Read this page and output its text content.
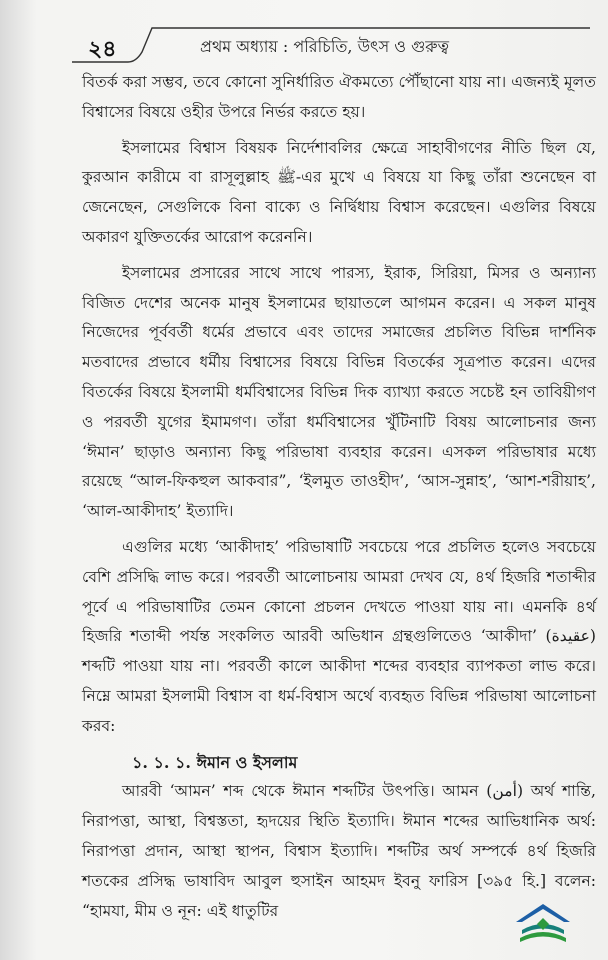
২৪	প্রথম অধ্যায় : পরিচিতি, উৎস ও গুরুত্ব

বিতর্ক করা সম্ভব, তবে কোনো সুনির্ধারিত ঐকমত্যে পৌঁছানো যায় না। এজন্যই মূলত বিশ্বাসের বিষয়ে ওহীর উপরে নির্ভর করতে হয়।

ইসলামের বিশ্বাস বিষয়ক নির্দেশাবলির ক্ষেত্রে সাহাবীগণের নীতি ছিল যে, কুরআন কারীমে বা রাসূলুল্লাহ ﷺ-এর মুখে এ বিষয়ে যা কিছু তাঁরা শুনেছেন বা জেনেছেন, সেগুলিকে বিনা বাক্যে ও নির্দ্বিধায় বিশ্বাস করেছেন। এগুলির বিষয়ে অকারণ যুক্তিতর্কের আরোপ করেননি।

ইসলামের প্রসারের সাথে সাথে পারস্য, ইরাক, সিরিয়া, মিসর ও অন্যান্য বিজিত দেশের অনেক মানুষ ইসলামের ছায়াতলে আগমন করেন। এ সকল মানুষ নিজেদের পূর্ববর্তী ধর্মের প্রভাবে এবং তাদের সমাজের প্রচলিত বিভিন্ন দার্শনিক মতবাদের প্রভাবে ধর্মীয় বিশ্বাসের বিষয়ে বিভিন্ন বিতর্কের সূত্রপাত করেন। এদের বিতর্কের বিষয়ে ইসলামী ধর্মবিশ্বাসের বিভিন্ন দিক ব্যাখ্যা করতে সচেষ্ট হন তাবিয়ীগণ ও পরবর্তী যুগের ইমামগণ। তাঁরা ধর্মবিশ্বাসের খুঁটিনাটি বিষয় আলোচনার জন্য ‘ঈমান’ ছাড়াও অন্যান্য কিছু পরিভাষা ব্যবহার করেন। এসকল পরিভাষার মধ্যে রয়েছে “আল-ফিকহুল আকবার”, ‘ইলমুত তাওহীদ’, ‘আস-সুন্নাহ’, ‘আশ-শরীয়াহ’, ‘আল-আকীদাহ’ ইত্যাদি।

এগুলির মধ্যে ‘আকীদাহ’ পরিভাষাটি সবচেয়ে পরে প্রচলিত হলেও সবচেয়ে বেশি প্রসিদ্ধি লাভ করে। পরবর্তী আলোচনায় আমরা দেখব যে, ৪র্থ হিজরি শতাব্দীর পূর্বে এ পরিভাষাটির তেমন কোনো প্রচলন দেখতে পাওয়া যায় না। এমনকি ৪র্থ হিজরি শতাব্দী পর্যন্ত সংকলিত আরবী অভিধান গ্রন্থগুলিতেও ‘আকীদা’ (عقيدة) শব্দটি পাওয়া যায় না। পরবর্তী কালে আকীদা শব্দের ব্যবহার ব্যাপকতা লাভ করে। নিম্নে আমরা ইসলামী বিশ্বাস বা ধর্ম-বিশ্বাস অর্থে ব্যবহৃত বিভিন্ন পরিভাষা আলোচনা করব:

১. ১. ১. ঈমান ও ইসলাম

আরবী ‘আমন’ শব্দ থেকে ঈমান শব্দটির উৎপত্তি। আমন (أمن) অর্থ শান্তি, নিরাপত্তা, আস্থা, বিশ্বস্ততা, হৃদয়ের স্থিতি ইত্যাদি। ঈমান শব্দের আভিধানিক অর্থ: নিরাপত্তা প্রদান, আস্থা স্থাপন, বিশ্বাস ইত্যাদি। শব্দটির অর্থ সম্পর্কে ৪র্থ হিজরি শতকের প্রসিদ্ধ ভাষাবিদ আবুল হুসাইন আহমদ ইবনু ফারিস [৩৯৫ হি.] বলেন: “হামযা, মীম ও নূন: এই ধাতুটির
